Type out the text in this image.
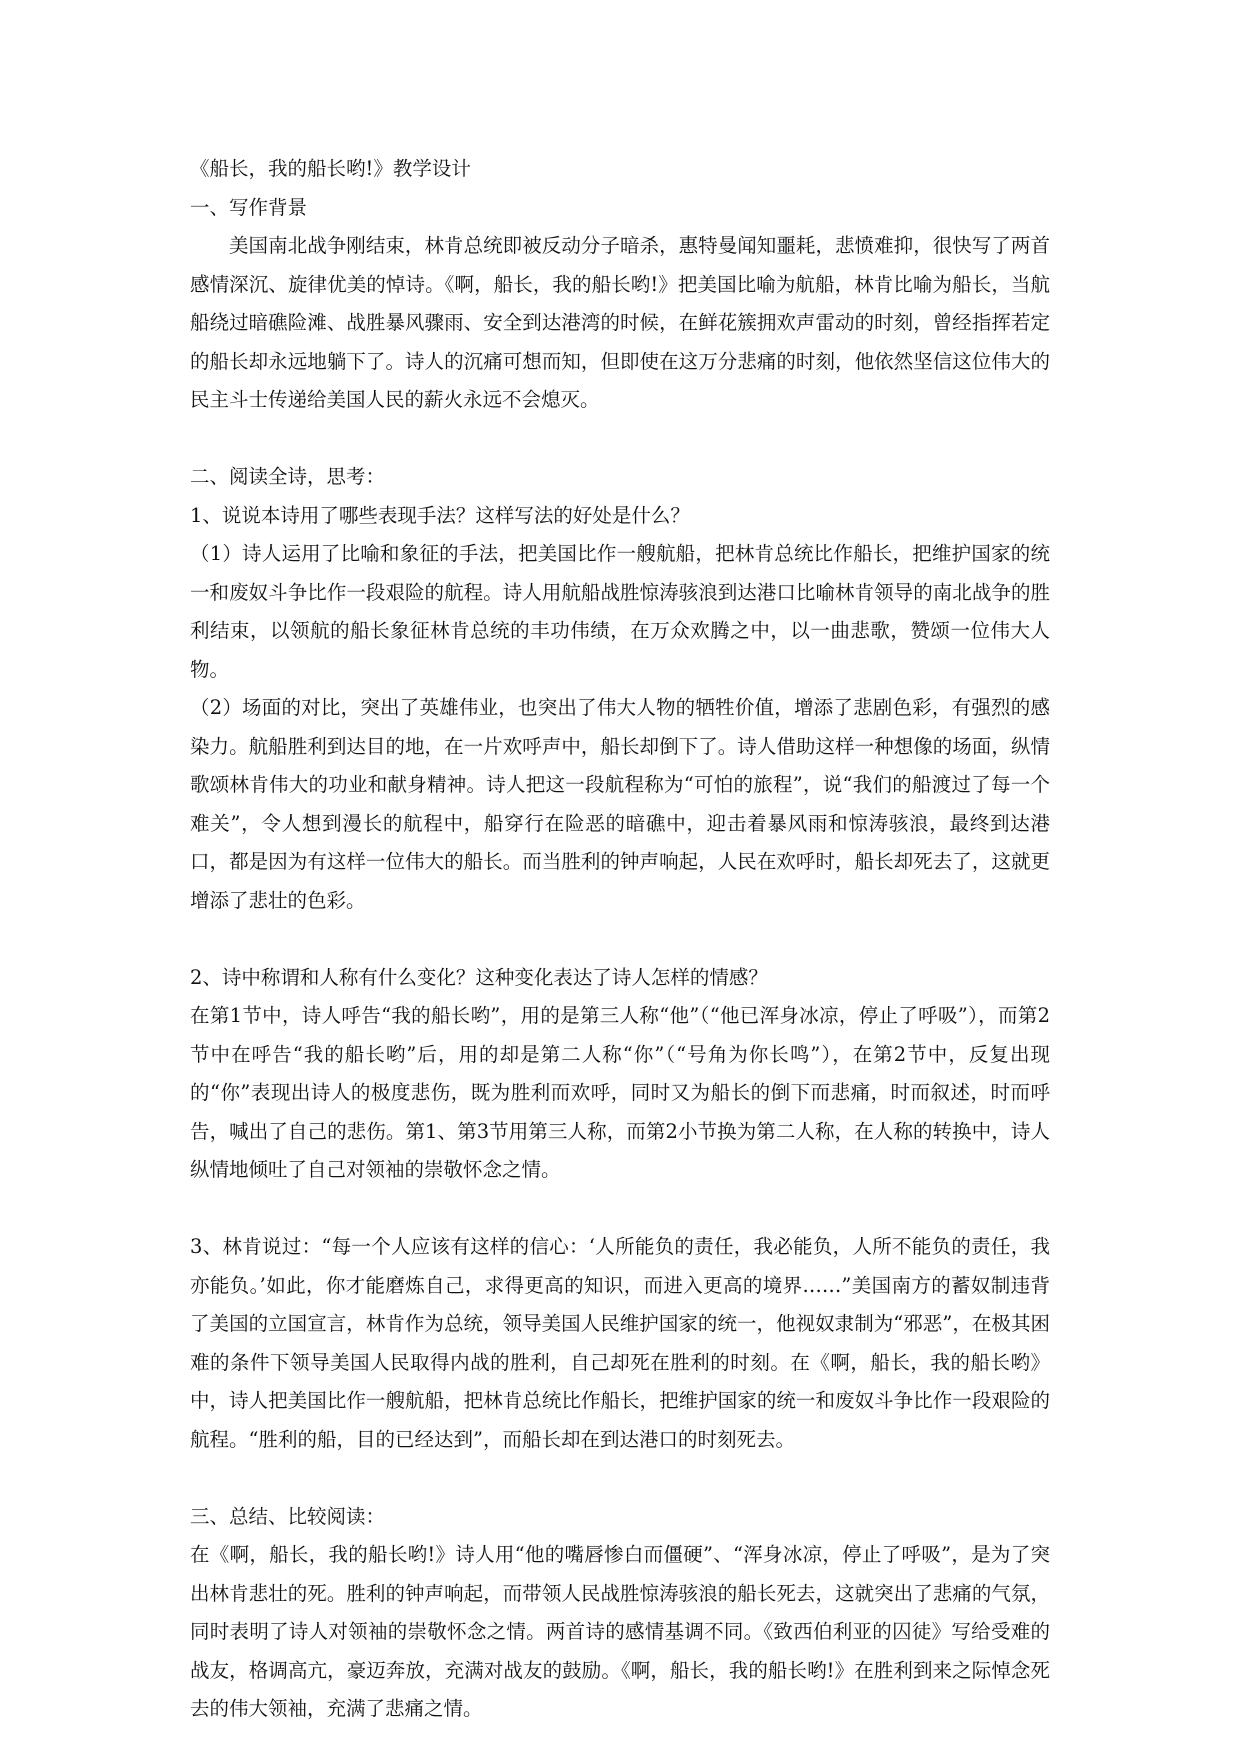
《船长，我的船长哟!》教学设计

一、写作背景

美国南北战争刚结束，林肯总统即被反动分子暗杀，惠特曼闻知噩耗，悲愤难抑，很快写了两首感情深沉、旋律优美的悼诗。《啊，船长，我的船长哟!》把美国比喻为航船，林肯比喻为船长，当航船绕过暗礁险滩、战胜暴风骤雨、安全到达港湾的时候，在鲜花簇拥欢声雷动的时刻，曾经指挥若定的船长却永远地躺下了。诗人的沉痛可想而知，但即使在这万分悲痛的时刻，他依然坚信这位伟大的民主斗士传递给美国人民的薪火永远不会熄灭。

二、阅读全诗，思考：

1、说说本诗用了哪些表现手法？这样写法的好处是什么？

（1）诗人运用了比喻和象征的手法，把美国比作一艘航船，把林肯总统比作船长，把维护国家的统一和废奴斗争比作一段艰险的航程。诗人用航船战胜惊涛骇浪到达港口比喻林肯领导的南北战争的胜利结束，以领航的船长象征林肯总统的丰功伟绩，在万众欢腾之中，以一曲悲歌，赞颂一位伟大人物。

（2）场面的对比，突出了英雄伟业，也突出了伟大人物的牺牲价值，增添了悲剧色彩，有强烈的感染力。航船胜利到达目的地，在一片欢呼声中，船长却倒下了。诗人借助这样一种想像的场面，纵情歌颂林肯伟大的功业和献身精神。诗人把这一段航程称为“可怕的旅程”，说“我们的船渡过了每一个难关”，令人想到漫长的航程中，船穿行在险恶的暗礁中，迎击着暴风雨和惊涛骇浪，最终到达港口，都是因为有这样一位伟大的船长。而当胜利的钟声响起，人民在欢呼时，船长却死去了，这就更增添了悲壮的色彩。

2、诗中称谓和人称有什么变化？这种变化表达了诗人怎样的情感？

在第1节中，诗人呼告“我的船长哟”，用的是第三人称“他”（“他已浑身冰凉，停止了呼吸”），而第2节中在呼告“我的船长哟”后，用的却是第二人称“你”（“号角为你长鸣”），在第2节中，反复出现的“你”表现出诗人的极度悲伤，既为胜利而欢呼，同时又为船长的倒下而悲痛，时而叙述，时而呼告，喊出了自己的悲伤。第1、第3节用第三人称，而第2小节换为第二人称，在人称的转换中，诗人纵情地倾吐了自己对领袖的崇敬怀念之情。

3、林肯说过：“每一个人应该有这样的信心：‘人所能负的责任，我必能负，人所不能负的责任，我亦能负。’如此，你才能磨炼自己，求得更高的知识，而进入更高的境界……”美国南方的蓄奴制违背了美国的立国宣言，林肯作为总统，领导美国人民维护国家的统一，他视奴隶制为“邪恶”，在极其困难的条件下领导美国人民取得内战的胜利，自己却死在胜利的时刻。在《啊，船长，我的船长哟》中，诗人把美国比作一艘航船，把林肯总统比作船长，把维护国家的统一和废奴斗争比作一段艰险的航程。“胜利的船，目的已经达到”，而船长却在到达港口的时刻死去。

三、总结、比较阅读：

在《啊，船长，我的船长哟!》诗人用“他的嘴唇惨白而僵硬”、“浑身冰凉，停止了呼吸”，是为了突出林肯悲壮的死。胜利的钟声响起，而带领人民战胜惊涛骇浪的船长死去，这就突出了悲痛的气氛，同时表明了诗人对领袖的崇敬怀念之情。两首诗的感情基调不同。《致西伯利亚的囚徒》写给受难的战友，格调高亢，豪迈奔放，充满对战友的鼓励。《啊，船长，我的船长哟!》在胜利到来之际悼念死去的伟大领袖，充满了悲痛之情。
